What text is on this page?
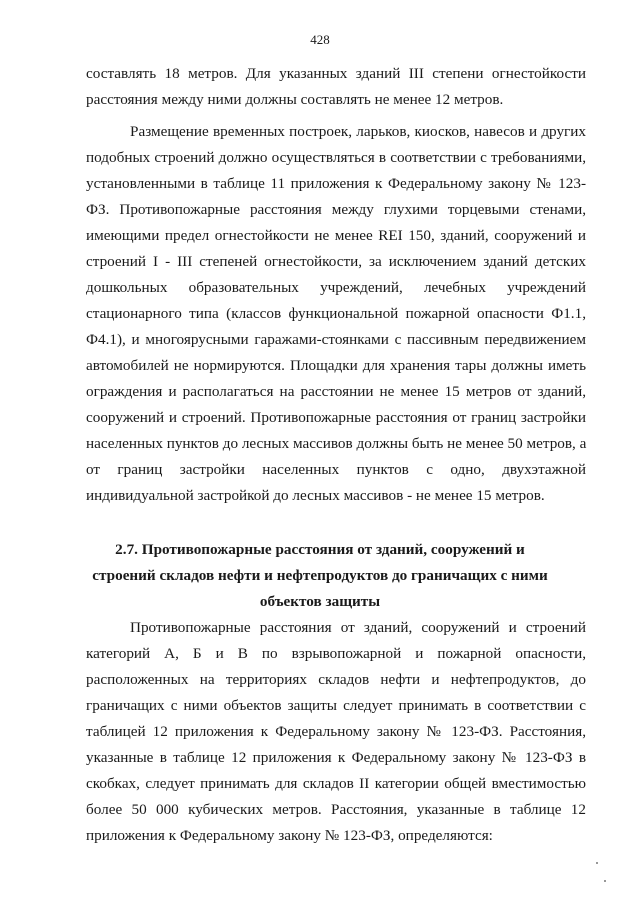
428
составлять 18 метров. Для указанных зданий III степени огнестойкости
расстояния между ними должны составлять не менее 12 метров.
Размещение временных построек, ларьков, киосков, навесов и других
подобных строений должно осуществляться в соответствии с требованиями,
установленными в таблице 11 приложения к Федеральному закону № 123-
ФЗ. Противопожарные расстояния между глухими торцевыми стенами,
имеющими предел огнестойкости не менее REI 150, зданий, сооружений и
строений I - III степеней огнестойкости, за исключением зданий детских
дошкольных образовательных учреждений, лечебных учреждений
стационарного типа (классов функциональной пожарной опасности Ф1.1,
Ф4.1), и многоярусными гаражами-стоянками с пассивным передвижением
автомобилей не нормируются. Площадки для хранения тары должны иметь
ограждения и располагаться на расстоянии не менее 15 метров от зданий,
сооружений и строений. Противопожарные расстояния от границ застройки
населенных пунктов до лесных массивов должны быть не менее 50 метров, а
от границ застройки населенных пунктов с одно, двухэтажной
индивидуальной застройкой до лесных массивов - не менее 15 метров.
2.7. Противопожарные расстояния от зданий, сооружений и
строений складов нефти и нефтепродуктов до граничащих с ними
объектов защиты
Противопожарные расстояния от зданий, сооружений и строений
категорий А, Б и В по взрывопожарной и пожарной опасности,
расположенных на территориях складов нефти и нефтепродуктов, до
граничащих с ними объектов защиты следует принимать в соответствии с
таблицей 12 приложения к Федеральному закону № 123-ФЗ. Расстояния,
указанные в таблице 12 приложения к Федеральному закону № 123-ФЗ в
скобках, следует принимать для складов II категории общей вместимостью
более 50 000 кубических метров. Расстояния, указанные в таблице 12
приложения к Федеральному закону № 123-ФЗ, определяются:
